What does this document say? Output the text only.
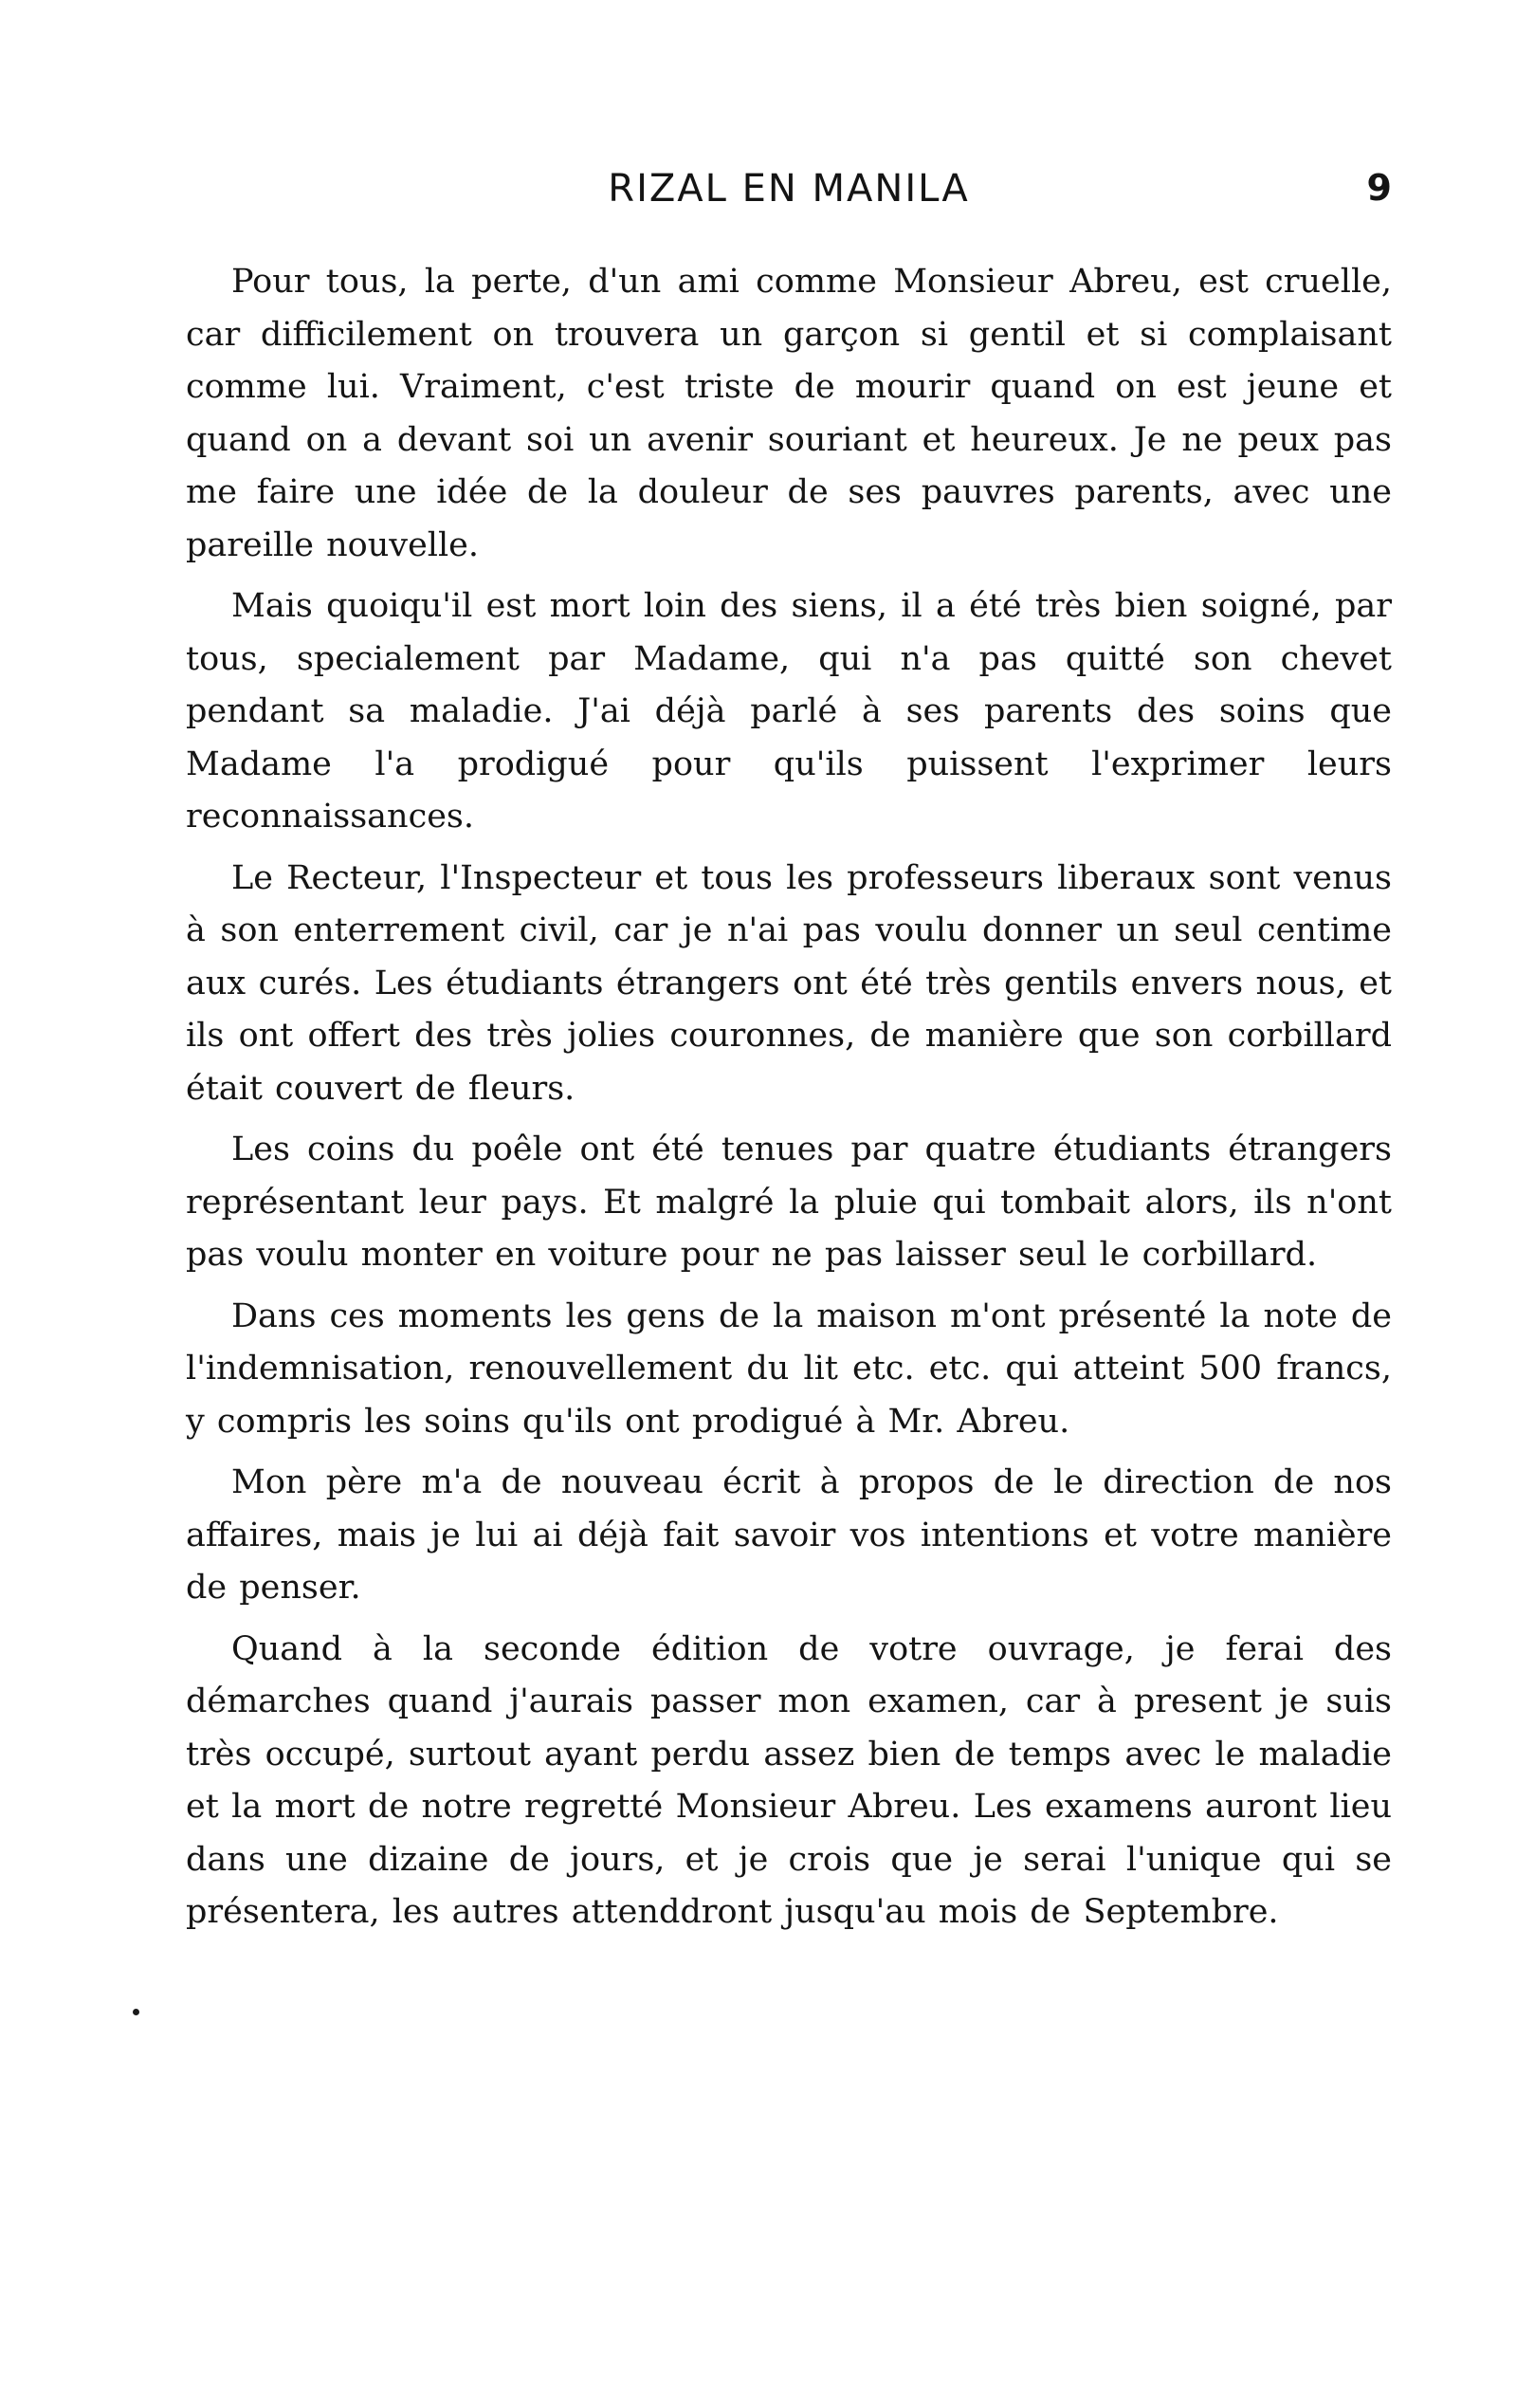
RIZAL EN MANILA	9

Pour tous, la perte, d'un ami comme Monsieur Abreu, est cruelle, car difficilement on trouvera un garçon si gentil et si complaisant comme lui. Vraiment, c'est triste de mourir quand on est jeune et quand on a devant soi un avenir souriant et heureux. Je ne peux pas me faire une idée de la douleur de ses pauvres parents, avec une pareille nouvelle.

Mais quoiqu'il est mort loin des siens, il a été très bien soigné, par tous, specialement par Madame, qui n'a pas quitté son chevet pendant sa maladie. J'ai déjà parlé à ses parents des soins que Madame l'a prodigué pour qu'ils puissent l'exprimer leurs reconnaissances.

Le Recteur, l'Inspecteur et tous les professeurs liberaux sont venus à son enterrement civil, car je n'ai pas voulu donner un seul centime aux curés. Les étudiants étrangers ont été très gentils envers nous, et ils ont offert des très jolies couronnes, de manière que son corbillard était couvert de fleurs.

Les coins du poêle ont été tenues par quatre étudiants étrangers représentant leur pays. Et malgré la pluie qui tombait alors, ils n'ont pas voulu monter en voiture pour ne pas laisser seul le corbillard.

Dans ces moments les gens de la maison m'ont présenté la note de l'indemnisation, renouvellement du lit etc. etc. qui atteint 500 francs, y compris les soins qu'ils ont prodigué à Mr. Abreu.

Mon père m'a de nouveau écrit à propos de le direction de nos affaires, mais je lui ai déjà fait savoir vos intentions et votre manière de penser.

Quand à la seconde édition de votre ouvrage, je ferai des démarches quand j'aurais passer mon examen, car à present je suis très occupé, surtout ayant perdu assez bien de temps avec le maladie et la mort de notre regretté Monsieur Abreu. Les examens auront lieu dans une dizaine de jours, et je crois que je serai l'unique qui se présentera, les autres attenddront jusqu'au mois de Septembre.
